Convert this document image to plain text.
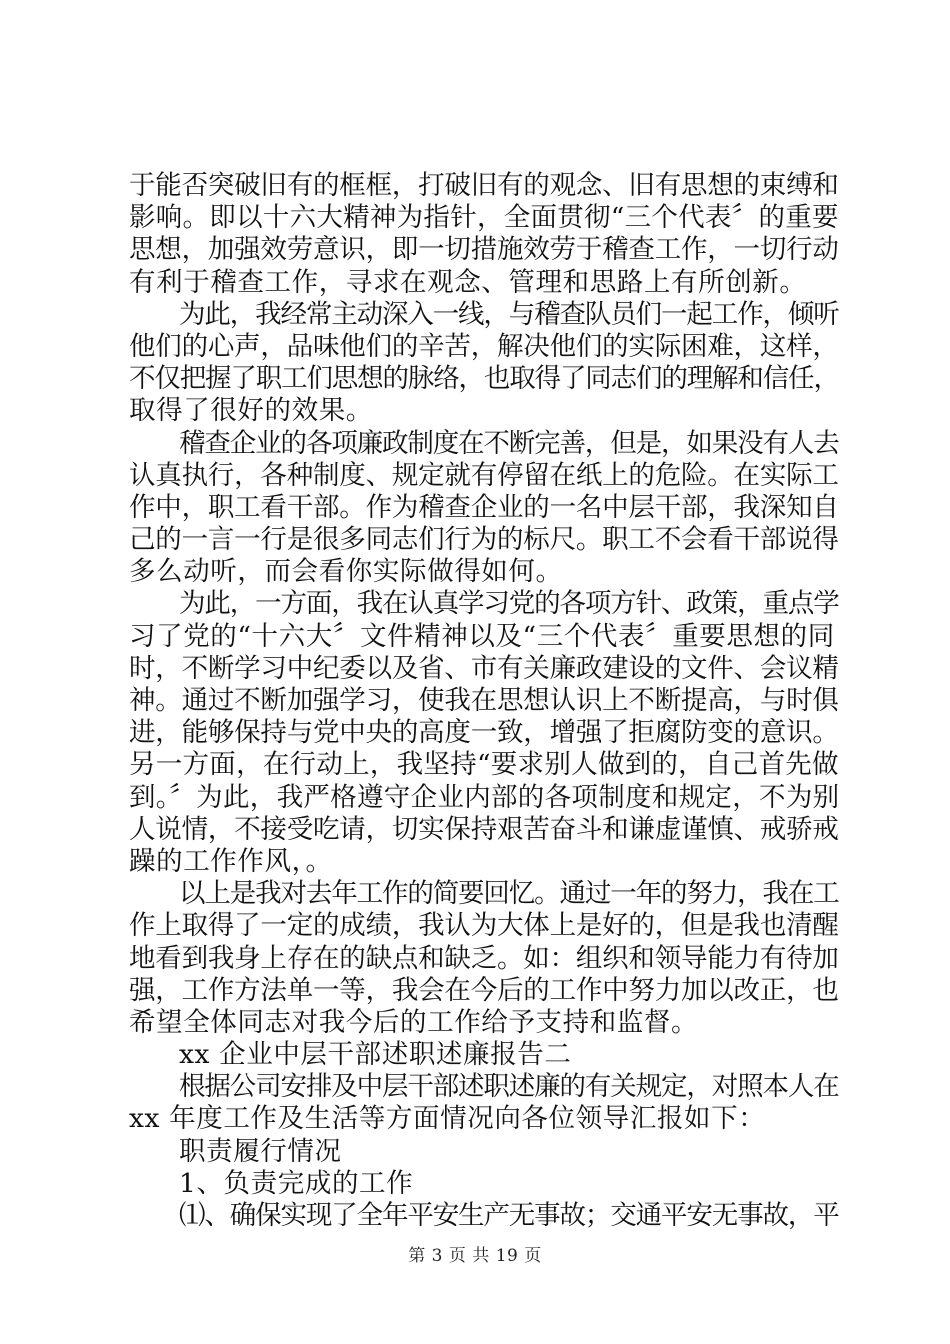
于能否突破旧有的框框，打破旧有的观念、旧有思想的束缚和
影响。即以十六大精神为指针，全面贯彻“三个代表〞的重要
思想，加强效劳意识，即一切措施效劳于稽查工作，一切行动
有利于稽查工作，寻求在观念、管理和思路上有所创新。
为此，我经常主动深入一线，与稽查队员们一起工作，倾听
他们的心声，品味他们的辛苦，解决他们的实际困难，这样，
不仅把握了职工们思想的脉络，也取得了同志们的理解和信任，
取得了很好的效果。
稽查企业的各项廉政制度在不断完善，但是，如果没有人去
认真执行，各种制度、规定就有停留在纸上的危险。在实际工
作中，职工看干部。作为稽查企业的一名中层干部，我深知自
己的一言一行是很多同志们行为的标尺。职工不会看干部说得
多么动听，而会看你实际做得如何。
为此，一方面，我在认真学习党的各项方针、政策，重点学
习了党的“十六大〞文件精神以及“三个代表〞重要思想的同
时，不断学习中纪委以及省、市有关廉政建设的文件、会议精
神。通过不断加强学习，使我在思想认识上不断提高，与时俱
进，能够保持与党中央的高度一致，增强了拒腐防变的意识。
另一方面，在行动上，我坚持“要求别人做到的，自己首先做
到。〞为此，我严格遵守企业内部的各项制度和规定，不为别
人说情，不接受吃请，切实保持艰苦奋斗和谦虚谨慎、戒骄戒
躁的工作作风，。
以上是我对去年工作的简要回忆。通过一年的努力，我在工
作上取得了一定的成绩，我认为大体上是好的，但是我也清醒
地看到我身上存在的缺点和缺乏。如：组织和领导能力有待加
强，工作方法单一等，我会在今后的工作中努力加以改正，也
希望全体同志对我今后的工作给予支持和监督。
xx 企业中层干部述职述廉报告二
根据公司安排及中层干部述职述廉的有关规定，对照本人在
xx 年度工作及生活等方面情况向各位领导汇报如下：
职责履行情况
1、负责完成的工作
⑴、确保实现了全年平安生产无事故；交通平安无事故，平
第 3 页 共 19 页
